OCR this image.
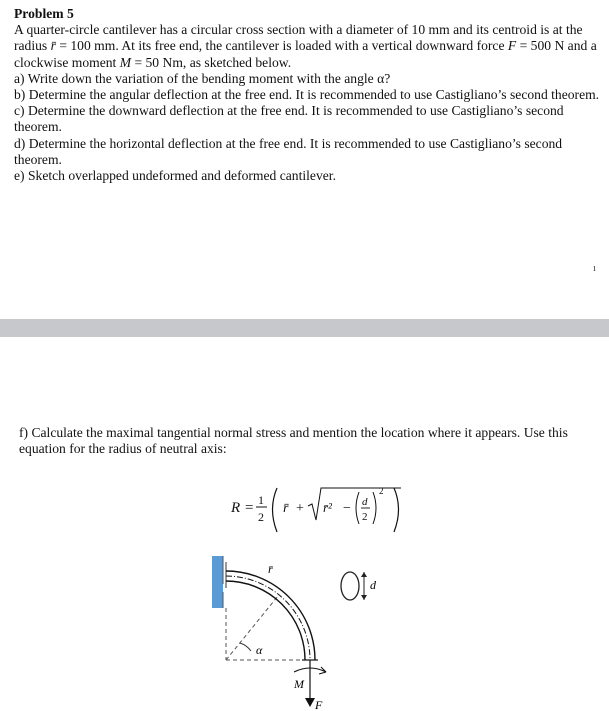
Problem 5
A quarter-circle cantilever has a circular cross section with a diameter of 10 mm and its centroid is at the radius r̄ = 100 mm. At its free end, the cantilever is loaded with a vertical downward force F = 500 N and a clockwise moment M = 50 Nm, as sketched below.
a) Write down the variation of the bending moment with the angle α?
b) Determine the angular deflection at the free end. It is recommended to use Castigliano’s second theorem.
c) Determine the downward deflection at the free end. It is recommended to use Castigliano’s second theorem.
d) Determine the horizontal deflection at the free end. It is recommended to use Castigliano’s second theorem.
e) Sketch overlapped undeformed and deformed cantilever.
ı
f) Calculate the maximal tangential normal stress and mention the location where it appears. Use this equation for the radius of neutral axis:
R = 1
2
r̄ + r̄² − d
2
2
α
r̄
M
F
d
